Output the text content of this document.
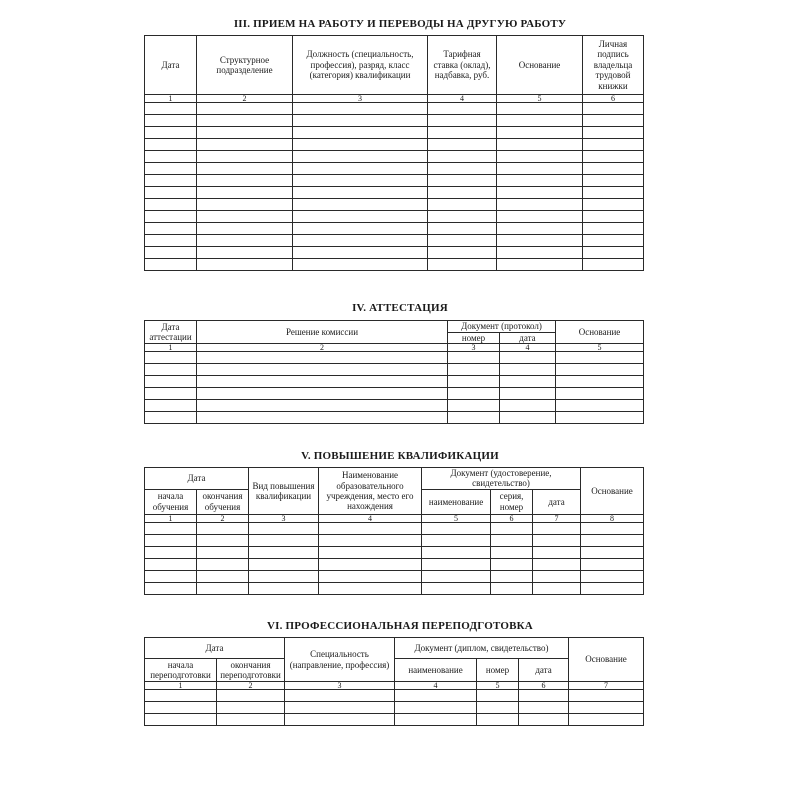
III. ПРИЕМ НА РАБОТУ И ПЕРЕВОДЫ НА ДРУГУЮ РАБОТУ
Дата	Структурное подразделение	Должность (специальность, профессия), разряд, класс (категория) квалификации	Тарифная ставка (оклад), надбавка, руб.	Основание	Личная подпись владельца трудовой книжки
1	2	3	4	5	6

IV. АТТЕСТАЦИЯ
Дата аттестации	Решение комиссии	Документ (протокол)		Основание
		номер	дата	
1	2	3	4	5

V. ПОВЫШЕНИЕ КВАЛИФИКАЦИИ
Дата		Вид повышения квалификации	Наименование образовательного учреждения, место его нахождения	Документ (удостоверение, свидетельство)			Основание
начала обучения	окончания обучения			наименование	серия, номер	дата	
1	2	3	4	5	6	7	8

VI. ПРОФЕССИОНАЛЬНАЯ ПЕРЕПОДГОТОВКА
Дата		Специальность (направление, профессия)	Документ (диплом, свидетельство)			Основание
начала переподготовки	окончания переподготовки		наименование	номер	дата	
1	2	3	4	5	6	7
